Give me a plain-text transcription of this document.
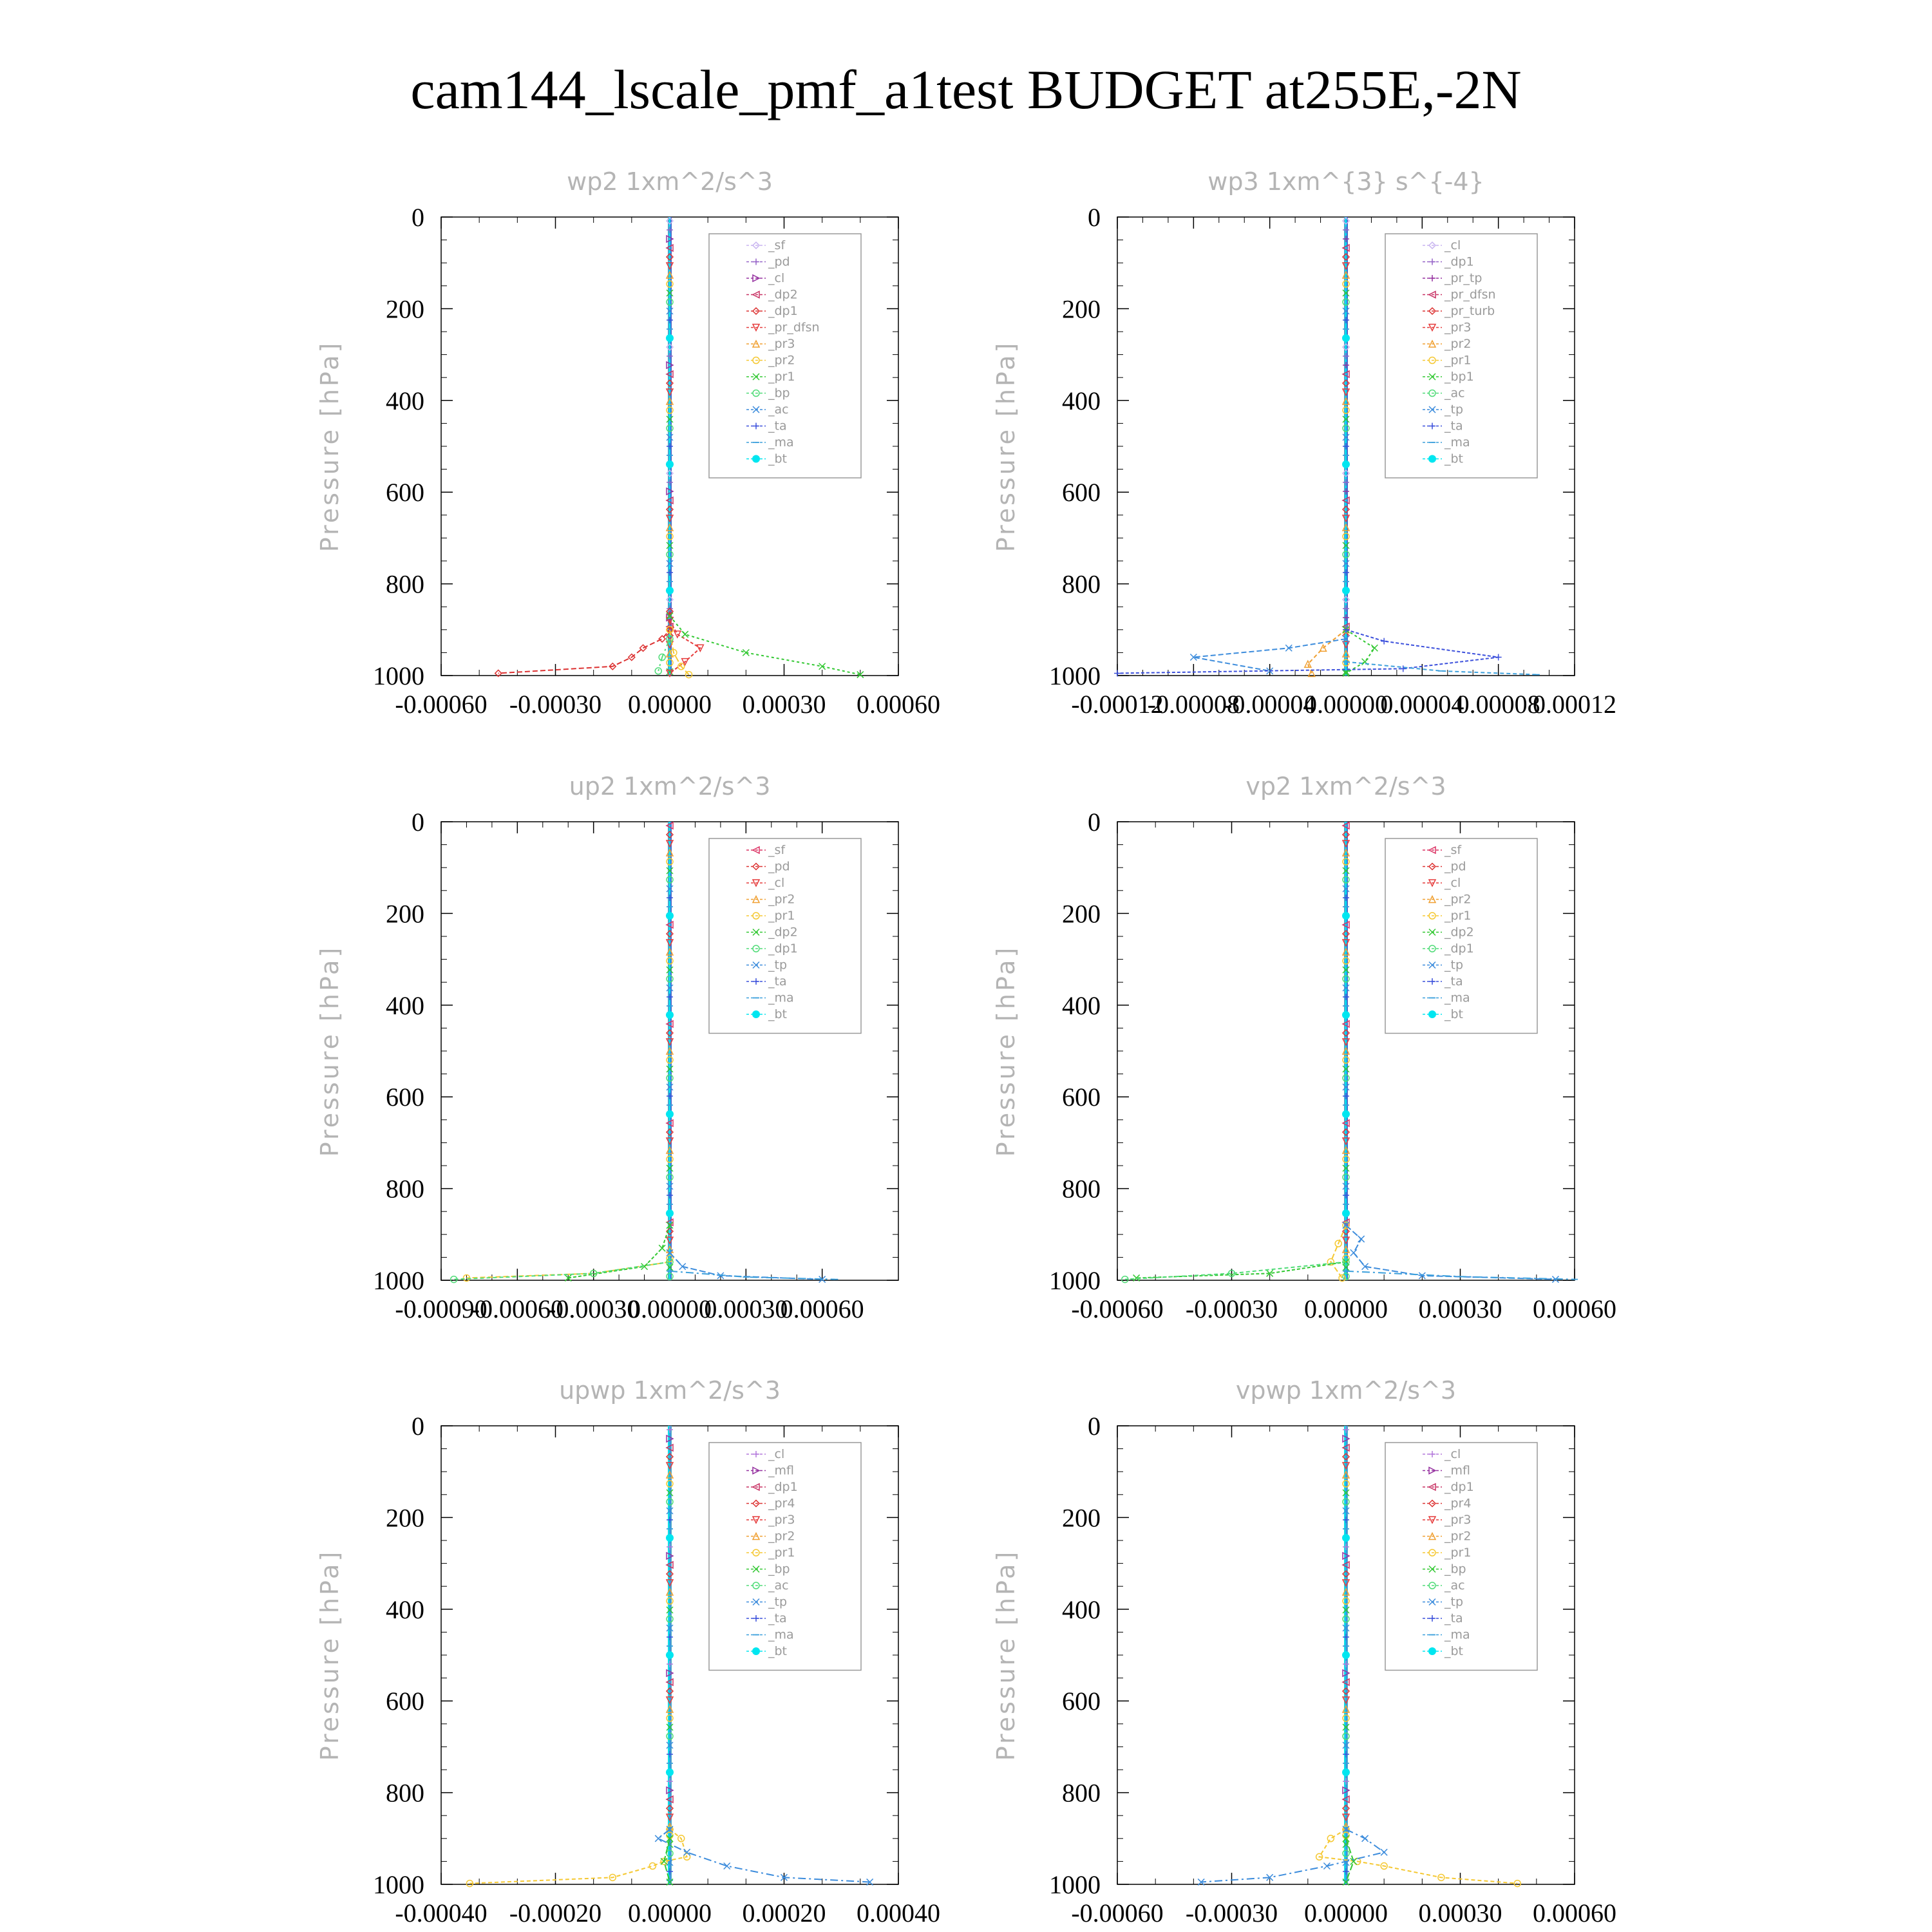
cam144_lscale_pmf_a1test BUDGET at255E,-2N
wp2 1xm^2/s^3
Pressure [hPa]
0
200
400
600
800
1000
-0.00060 -0.00030 0.00000 0.00030 0.00060
_sf
_pd
_cl
_dp2
_dp1
_pr_dfsn
_pr3
_pr2
_pr1
_bp
_ac
_ta
_ma
_bt
wp3 1xm^{3} s^{-4}
Pressure [hPa]
0
200
400
600
800
1000
-0.00012
-0.00008
-0.00004
0.00000
0.00004
0.00008
0.00012
_cl
_dp1
_pr_tp
_pr_dfsn
_pr_turb
_pr3
_pr2
_pr1
_bp1
_ac
_tp
_ta
_ma
_bt
up2 1xm^2/s^3
Pressure [hPa]
0
200
400
600
800
1000
-0.00090
-0.00060
-0.00030
0.00000
0.00030
0.00060
_sf
_pd
_cl
_pr2
_pr1
_dp2
_dp1
_tp
_ta
_ma
_bt
vp2 1xm^2/s^3
Pressure [hPa]
0
200
400
600
800
1000
-0.00060 -0.00030 0.00000 0.00030 0.00060
_sf
_pd
_cl
_pr2
_pr1
_dp2
_dp1
_tp
_ta
_ma
_bt
upwp 1xm^2/s^3
Pressure [hPa]
0
200
400
600
800
1000
-0.00040 -0.00020 0.00000 0.00020 0.00040
_cl
_mfl
_dp1
_pr4
_pr3
_pr2
_pr1
_bp
_ac
_tp
_ta
_ma
_bt
vpwp 1xm^2/s^3
Pressure [hPa]
0
200
400
600
800
1000
-0.00060 -0.00030 0.00000 0.00030 0.00060
_cl
_mfl
_dp1
_pr4
_pr3
_pr2
_pr1
_bp
_ac
_tp
_ta
_ma
_bt
